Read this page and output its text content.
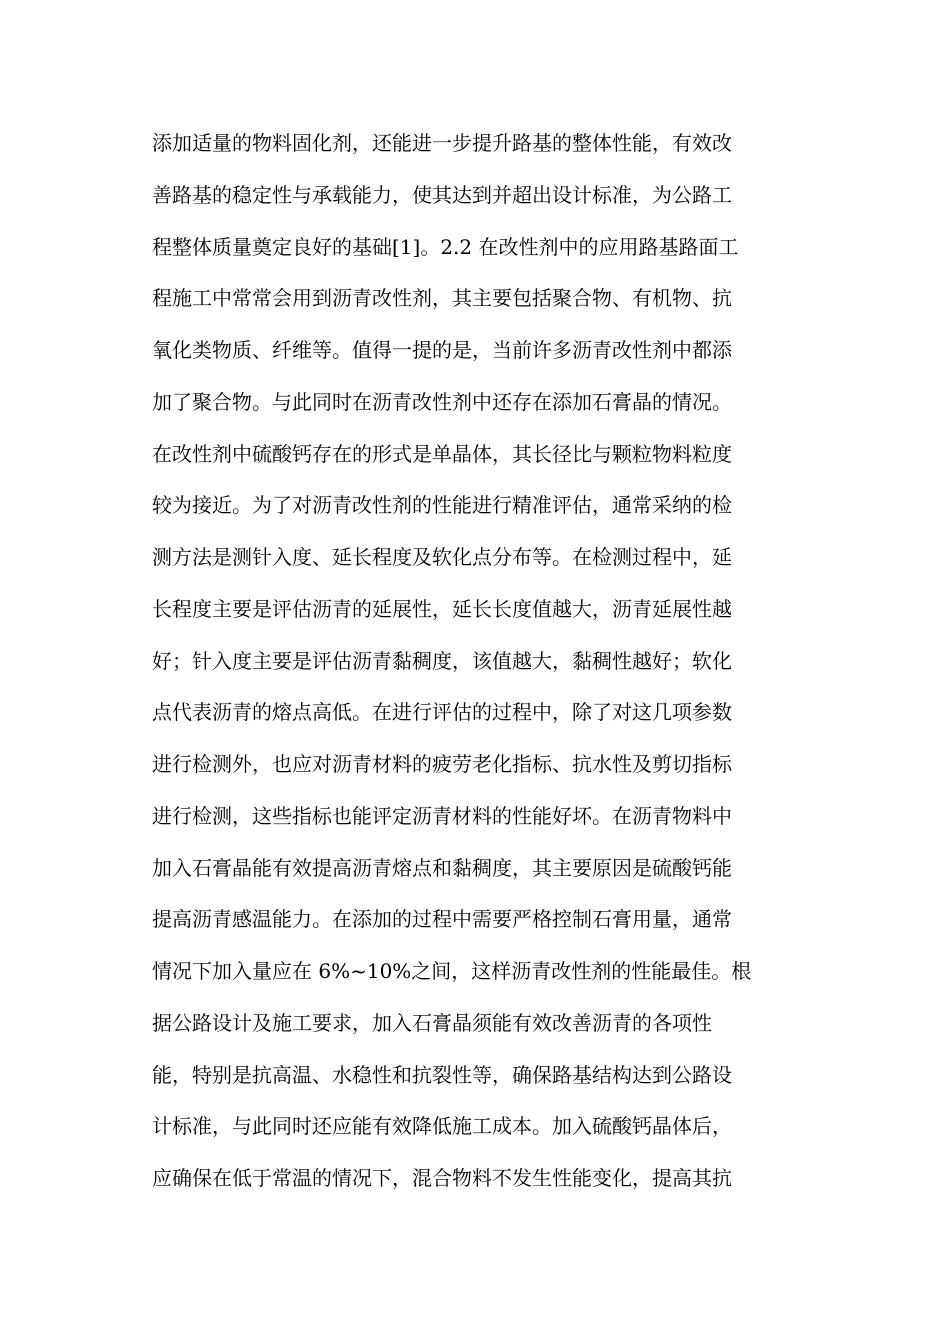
添加适量的物料固化剂，还能进一步提升路基的整体性能，有效改
善路基的稳定性与承载能力，使其达到并超出设计标准，为公路工
程整体质量奠定良好的基础[1]。2.2 在改性剂中的应用路基路面工
程施工中常常会用到沥青改性剂，其主要包括聚合物、有机物、抗
氧化类物质、纤维等。值得一提的是，当前许多沥青改性剂中都添
加了聚合物。与此同时在沥青改性剂中还存在添加石膏晶的情况。
在改性剂中硫酸钙存在的形式是单晶体，其长径比与颗粒物料粒度
较为接近。为了对沥青改性剂的性能进行精准评估，通常采纳的检
测方法是测针入度、延长程度及软化点分布等。在检测过程中，延
长程度主要是评估沥青的延展性，延长长度值越大，沥青延展性越
好；针入度主要是评估沥青黏稠度，该值越大，黏稠性越好；软化
点代表沥青的熔点高低。在进行评估的过程中，除了对这几项参数
进行检测外，也应对沥青材料的疲劳老化指标、抗水性及剪切指标
进行检测，这些指标也能评定沥青材料的性能好坏。在沥青物料中
加入石膏晶能有效提高沥青熔点和黏稠度，其主要原因是硫酸钙能
提高沥青感温能力。在添加的过程中需要严格控制石膏用量，通常
情况下加入量应在 6%~10%之间，这样沥青改性剂的性能最佳。根
据公路设计及施工要求，加入石膏晶须能有效改善沥青的各项性
能，特别是抗高温、水稳性和抗裂性等，确保路基结构达到公路设
计标准，与此同时还应能有效降低施工成本。加入硫酸钙晶体后，
应确保在低于常温的情况下，混合物料不发生性能变化，提高其抗
